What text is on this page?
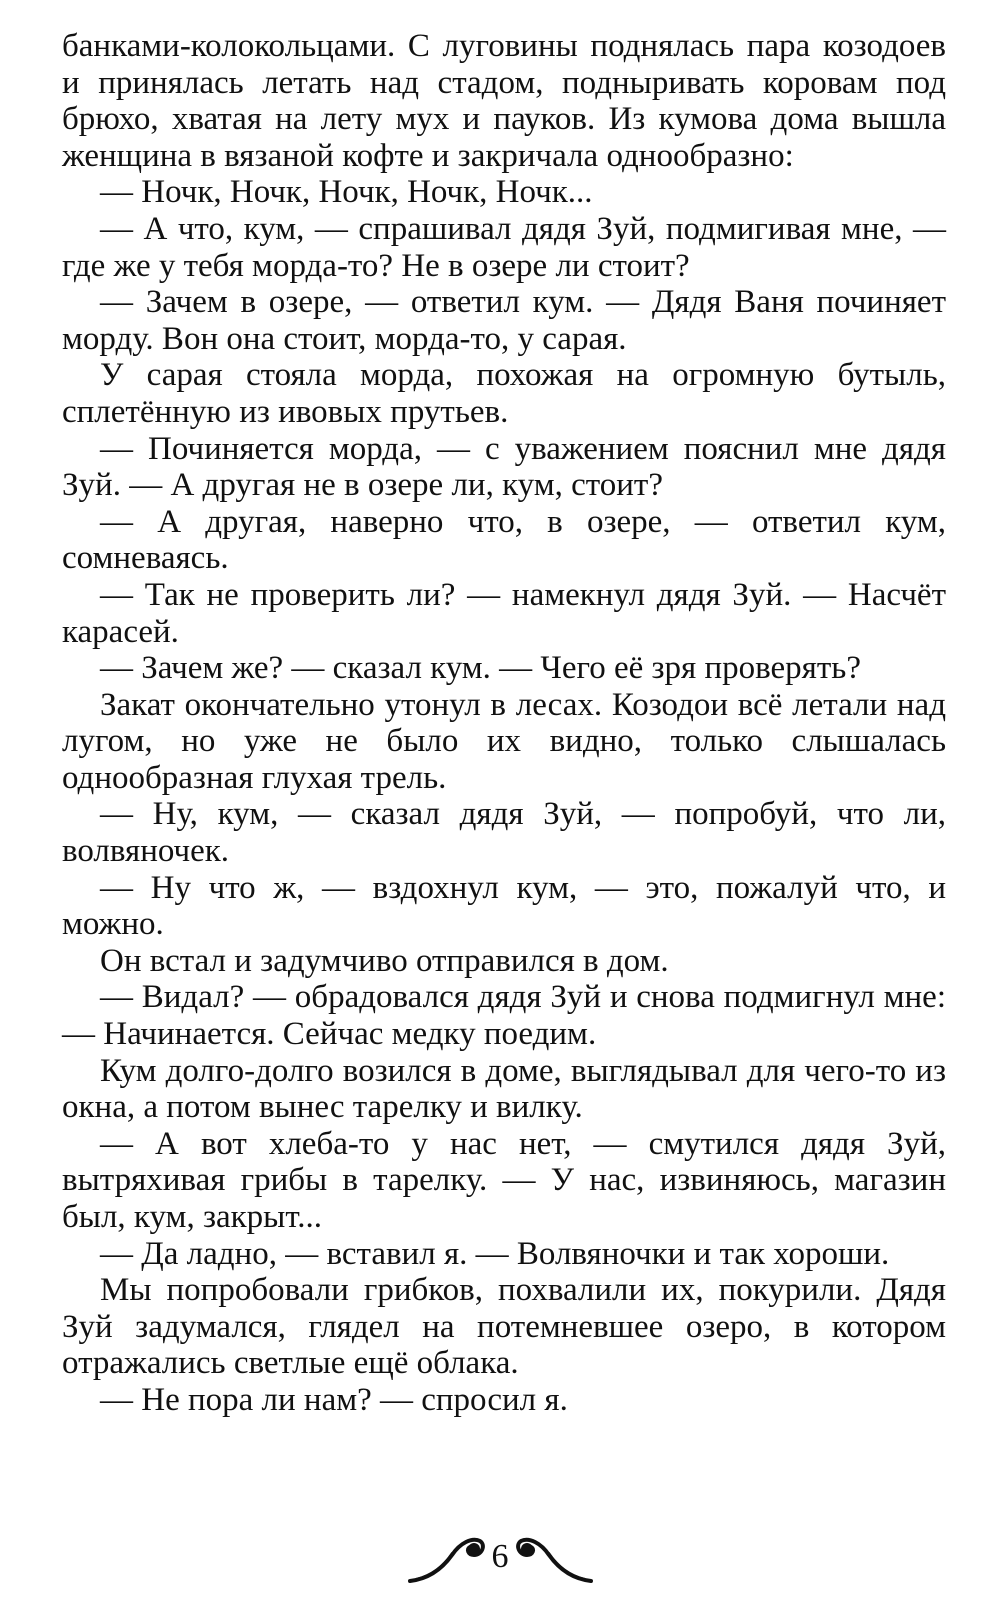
банками-колокольцами. С луговины поднялась пара козодоев и принялась летать над стадом, подныривать коровам под брюхо, хватая на лету мух и пауков. Из кумова дома вышла женщина в вязаной кофте и закричала однообразно:

— Ночк, Ночк, Ночк, Ночк, Ночк...

— А что, кум, — спрашивал дядя Зуй, подмигивая мне, — где же у тебя морда-то? Не в озере ли стоит?

— Зачем в озере, — ответил кум. — Дядя Ваня починяет морду. Вон она стоит, морда-то, у сарая.

У сарая стояла морда, похожая на огромную бутыль, сплетённую из ивовых прутьев.

— Починяется морда, — с уважением пояснил мне дядя Зуй. — А другая не в озере ли, кум, стоит?

— А другая, наверно что, в озере, — ответил кум, сомневаясь.

— Так не проверить ли? — намекнул дядя Зуй. — Насчёт карасей.

— Зачем же? — сказал кум. — Чего её зря проверять?

Закат окончательно утонул в лесах. Козодои всё летали над лугом, но уже не было их видно, только слышалась однообразная глухая трель.

— Ну, кум, — сказал дядя Зуй, — попробуй, что ли, волвяночек.

— Ну что ж, — вздохнул кум, — это, пожалуй что, и можно.

Он встал и задумчиво отправился в дом.

— Видал? — обрадовался дядя Зуй и снова подмигнул мне: — Начинается. Сейчас медку поедим.

Кум долго-долго возился в доме, выглядывал для чего-то из окна, а потом вынес тарелку и вилку.

— А вот хлеба-то у нас нет, — смутился дядя Зуй, вытряхивая грибы в тарелку. — У нас, извиняюсь, магазин был, кум, закрыт...

— Да ладно, — вставил я. — Волвяночки и так хороши.

Мы попробовали грибков, похвалили их, покурили. Дядя Зуй задумался, глядел на потемневшее озеро, в котором отражались светлые ещё облака.

— Не пора ли нам? — спросил я.

6
